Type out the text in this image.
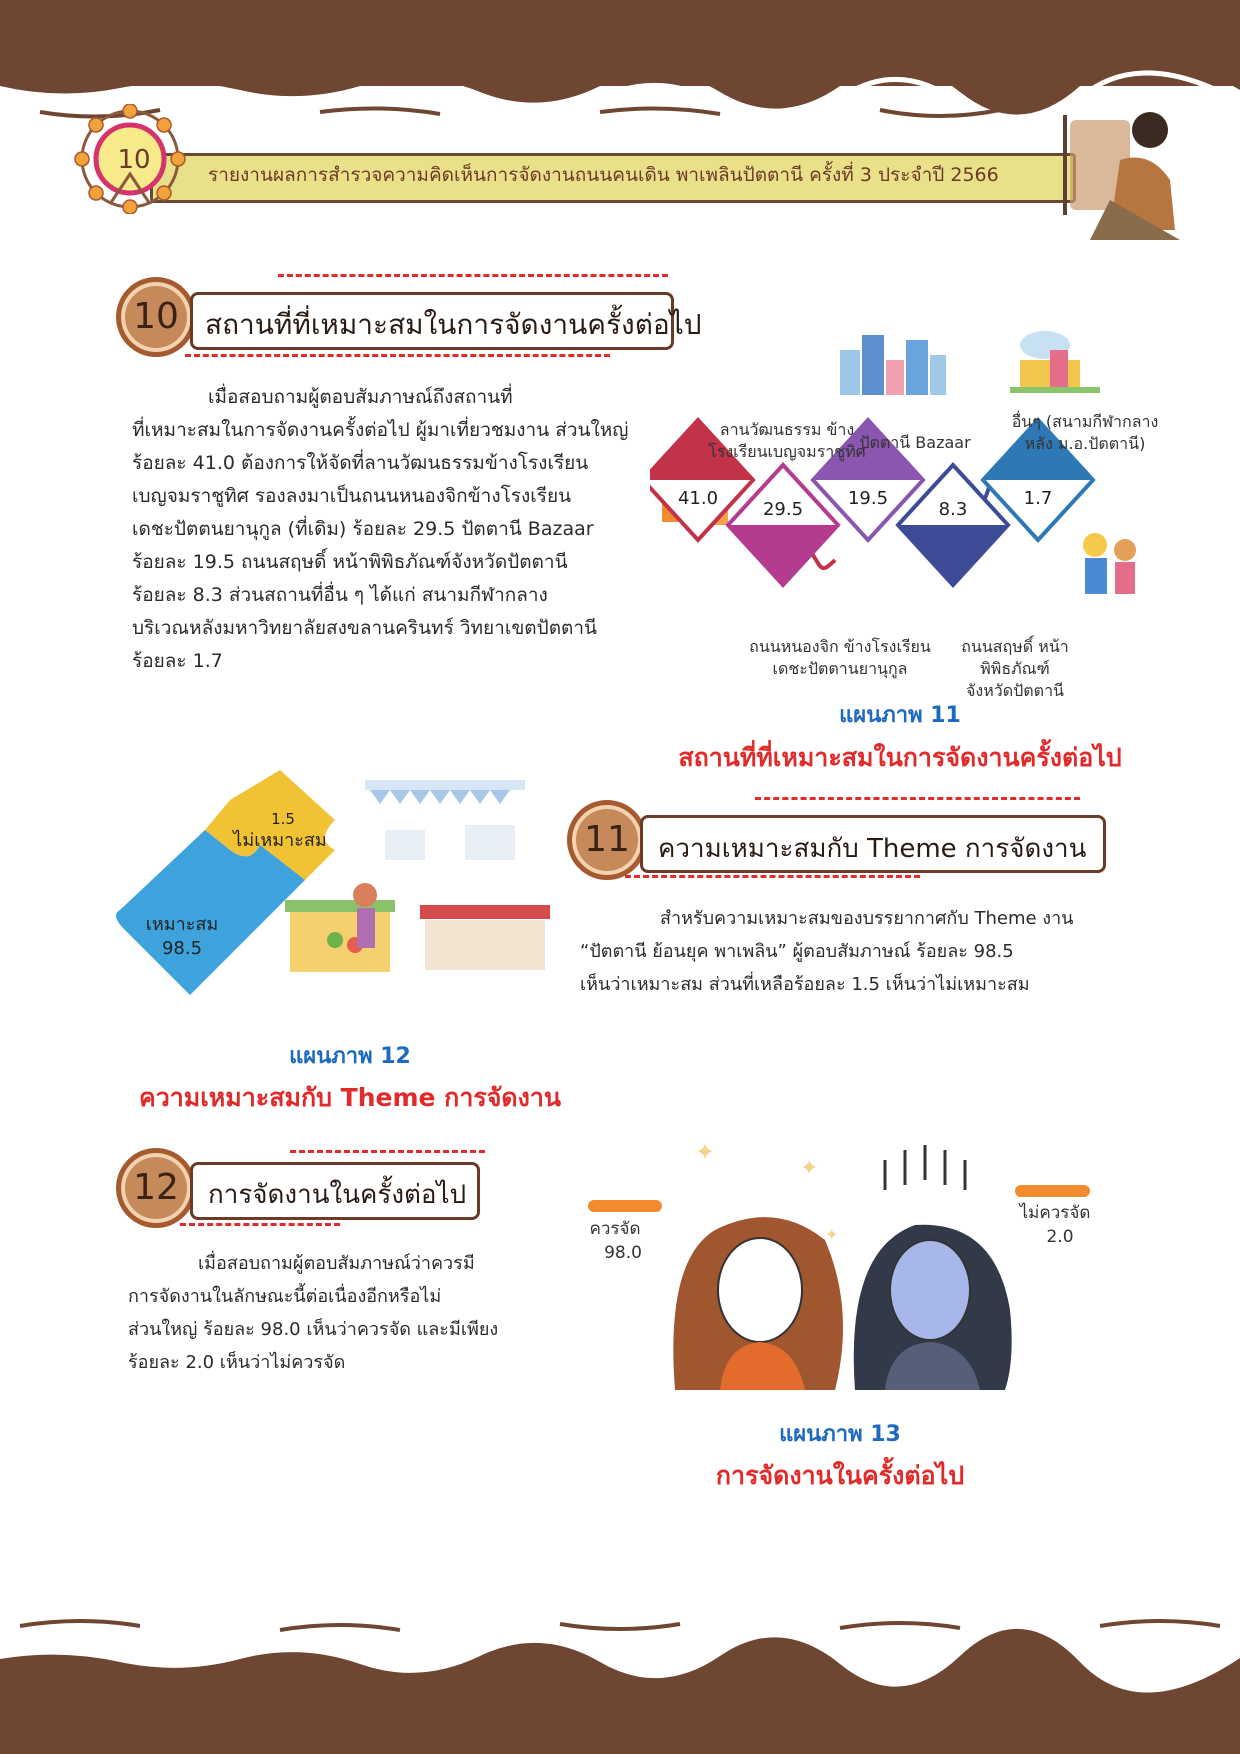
รายงานผลการสำรวจความคิดเห็นการจัดงานถนนคนเดิน พาเพลินปัตตานี ครั้งที่ 3 ประจำปี 2566
10
10 สถานที่ที่เหมาะสมในการจัดงานครั้งต่อไป
เมื่อสอบถามผู้ตอบสัมภาษณ์ถึงสถานที่
ที่เหมาะสมในการจัดงานครั้งต่อไป ผู้มาเที่ยวชมงาน ส่วนใหญ่
ร้อยละ 41.0 ต้องการให้จัดที่ลานวัฒนธรรมข้างโรงเรียน
เบญจมราชูทิศ รองลงมาเป็นถนนหนองจิกข้างโรงเรียน
เดชะปัตตนยานุกูล (ที่เดิม) ร้อยละ 29.5 ปัตตานี Bazaar
ร้อยละ 19.5 ถนนสฤษดิ์ หน้าพิพิธภัณฑ์จังหวัดปัตตานี
ร้อยละ 8.3 ส่วนสถานที่อื่น ๆ ได้แก่ สนามกีฬากลาง
บริเวณหลังมหาวิทยาลัยสงขลานครินทร์ วิทยาเขตปัตตานี
ร้อยละ 1.7
41.0
29.5
19.5
8.3
1.7
ลานวัฒนธรรม ข้าง
โรงเรียนเบญจมราชูทิศ
ปัตตานี Bazaar
อื่นๆ (สนามกีฬากลาง
หลัง ม.อ.ปัตตานี)
ถนนหนองจิก ข้างโรงเรียน
เดชะปัตตานยานุกูล
ถนนสฤษดิ์ หน้าพิพิธภัณฑ์
จังหวัดปัตตานี
แผนภาพ 11
สถานที่ที่เหมาะสมในการจัดงานครั้งต่อไป
1.5
ไม่เหมาะสม
เหมาะสม
98.5
11	ความเหมาะสมกับ Theme การจัดงาน
สำหรับความเหมาะสมของบรรยากาศกับ Theme งาน
“ปัตตานี ย้อนยุค พาเพลิน” ผู้ตอบสัมภาษณ์ ร้อยละ 98.5
เห็นว่าเหมาะสม ส่วนที่เหลือร้อยละ 1.5 เห็นว่าไม่เหมาะสม
แผนภาพ 12
ความเหมาะสมกับ Theme การจัดงาน
12	การจัดงานในครั้งต่อไป
เมื่อสอบถามผู้ตอบสัมภาษณ์ว่าควรมี
การจัดงานในลักษณะนี้ต่อเนื่องอีกหรือไม่
ส่วนใหญ่ ร้อยละ 98.0 เห็นว่าควรจัด และมีเพียง
ร้อยละ 2.0 เห็นว่าไม่ควรจัด
ควรจัด
98.0
ไม่ควรจัด
2.0
✦
✦
✦
แผนภาพ 13
การจัดงานในครั้งต่อไป
